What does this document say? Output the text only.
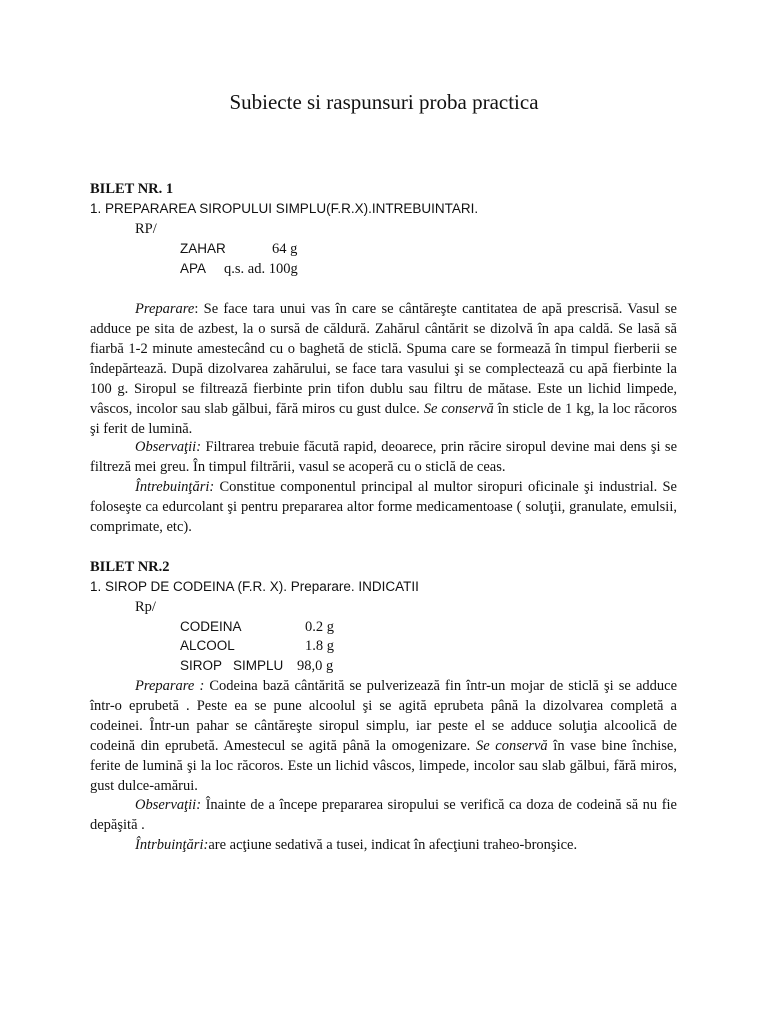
Subiecte si raspunsuri proba practica
BILET NR. 1
1. PREPARAREA SIROPULUI SIMPLU(F.R.X).INTREBUINTARI.
RP/
ZAHAR	64 g
APA q.s. ad. 100g
Preparare: Se face tara unui vas în care se cântăreşte cantitatea de apă prescrisă. Vasul se adduce pe sita de azbest, la o sursă de căldură. Zahărul cântărit se dizolvă în apa caldă. Se lasă să fiarbă 1-2 minute amestecând cu o baghetă de sticlă. Spuma care se formează în timpul fierberii se îndepărtează. După dizolvarea zahărului, se face tara vasului şi se complectează cu apă fierbinte la 100 g. Siropul se filtrează fierbinte prin tifon dublu sau filtru de mătase. Este un lichid limpede, vâscos, incolor sau slab gălbui, fără miros cu gust dulce. Se conservă în sticle de 1 kg, la loc răcoros şi ferit de lumină.
Observaţii: Filtrarea trebuie făcută rapid, deoarece, prin răcire siropul devine mai dens şi se filtreză mei greu. În timpul filtrării, vasul se acoperă cu o sticlă de ceas.
Întrebuinţări: Constitue componentul principal al multor siropuri oficinale şi industrial. Se foloseşte ca edurcolant şi pentru prepararea altor forme medicamentoase ( soluţii, granulate, emulsii, comprimate, etc).
BILET NR.2
1. SIROP DE CODEINA (F.R. X). Preparare. INDICATII
Rp/
CODEINA	0.2 g
ALCOOL	1.8 g
SIROP   SIMPLU 98,0 g
Preparare : Codeina bază cântărită se pulverizează fin într-un mojar de sticlă şi se adduce într-o eprubetă . Peste ea se pune alcoolul şi se agită eprubeta până la dizolvarea completă a codeinei. Într-un pahar se cântăreşte siropul simplu, iar peste el se adduce soluţia alcoolică de codeină din eprubetă. Amestecul se agită până la omogenizare. Se conservă în vase bine închise, ferite de lumină şi la loc răcoros. Este un lichid vâscos, limpede, incolor sau slab gălbui, fără miros, gust dulce-amărui.
Observaţii: Înainte de a începe prepararea siropului se verifică ca doza de codeină să nu fie depăşită .
Întrbuinţări:are acţiune sedativă a tusei, indicat în afecţiuni traheo-bronşice.
